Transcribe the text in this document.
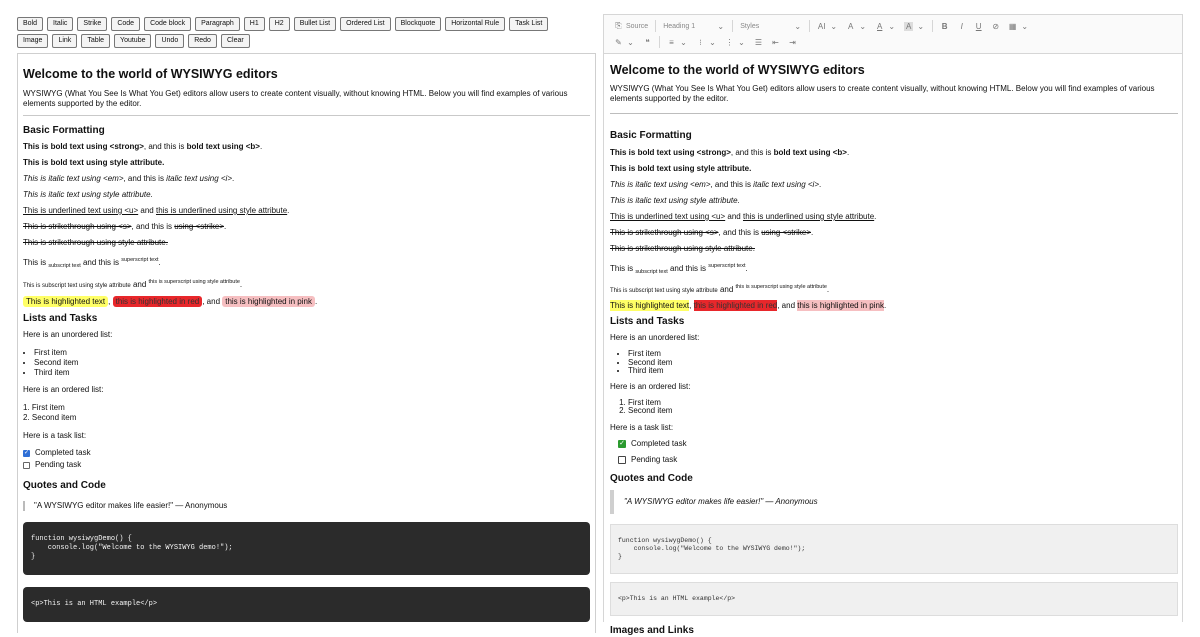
Bold	Italic	Strike	Code	Code block	Paragraph	H1	H2	Bullet List	Ordered List	Blockquote	Horizontal Rule	Task List
Image	Link	Table	Youtube	Undo	Redo	Clear

Welcome to the world of WYSIWYG editors

WYSIWYG (What You See Is What You Get) editors allow users to create content visually, without knowing HTML. Below you will find examples of various elements supported by the editor.

Basic Formatting

This is bold text using <strong>, and this is bold text using <b>.

This is bold text using style attribute.

This is italic text using <em>, and this is italic text using <i>.

This is italic text using style attribute.

This is underlined text using <u> and this is underlined using style attribute.

This is strikethrough using <s>, and this is using <strike>.

This is strikethrough using style attribute.

This is $_{subscript text}$ and this is $^{superscript text}$.

This is subscript text using style attribute and $^{this is superscript using style attribute}$.

This is highlighted text , this is highlighted in red , and this is highlighted in pink .

Lists and Tasks

Here is an unordered list:

• First item
• Second item
• Third item

Here is an ordered list:

1. First item
2. Second item

Here is a task list:

✓ Completed task
Pending task

Quotes and Code

"A WYSIWYG editor makes life easier!" — Anonymous

function wysiwygDemo() {
console.log("Welcome to the WYSIWYG demo!");
}
<p>This is an HTML example</p>
⎘ Source Heading 1	⌄ Styles	⌄ AI ⌄ A ⌄ A ⌄ A ⌄ B	I	U ⊘ ▦ ⌄
✎ ⌄ ❝ ≡ ⌄	⁝ ⌄ ⋮ ⌄ ☰ ⇤ ⇥

Welcome to the world of WYSIWYG editors

WYSIWYG (What You See Is What You Get) editors allow users to create content visually, without knowing HTML. Below you will find examples of various elements supported by the editor.

Basic Formatting

This is bold text using <strong>, and this is bold text using <b>.

This is bold text using style attribute.

This is italic text using <em>, and this is italic text using <i>.

This is italic text using style attribute.

This is underlined text using <u> and this is underlined using style attribute.

This is strikethrough using <s>, and this is using <strike>.

This is strikethrough using style attribute.

This is $_{subscript text}$ and this is $^{superscript text}$.

This is subscript text using style attribute and $^{this is superscript using style attribute}$.

This is highlighted text, this is highlighted in red, and this is highlighted in pink.

Lists and Tasks

Here is an unordered list:

• First item
• Second item
• Third item

Here is an ordered list:

1. First item
2. Second item

Here is a task list:

✓ Completed task
Pending task

Quotes and Code

"A WYSIWYG editor makes life easier!" — Anonymous

function wysiwygDemo() {
console.log("Welcome to the WYSIWYG demo!");
}
<p>This is an HTML example</p>

Images and Links
